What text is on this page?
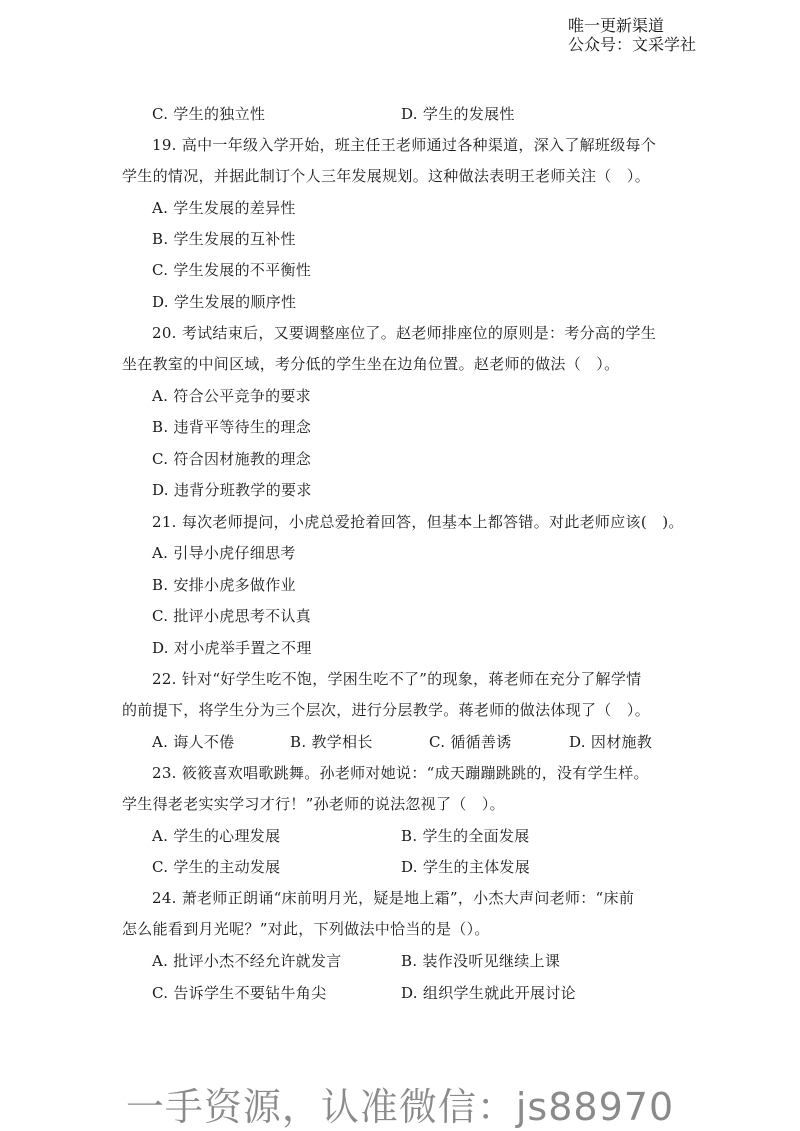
唯一更新渠道
公众号：文采学社
C. 学生的独立性	D. 学生的发展性
19. 高中一年级入学开始，班主任王老师通过各种渠道，深入了解班级每个
学生的情况，并据此制订个人三年发展规划。这种做法表明王老师关注（　）。
A. 学生发展的差异性
B. 学生发展的互补性
C. 学生发展的不平衡性
D. 学生发展的顺序性
20. 考试结束后，又要调整座位了。赵老师排座位的原则是：考分高的学生
坐在教室的中间区域，考分低的学生坐在边角位置。赵老师的做法（　）。
A. 符合公平竞争的要求
B. 违背平等待生的理念
C. 符合因材施教的理念
D. 违背分班教学的要求
21. 每次老师提问，小虎总爱抢着回答，但基本上都答错。对此老师应该(　)。
A. 引导小虎仔细思考
B. 安排小虎多做作业
C. 批评小虎思考不认真
D. 对小虎举手置之不理
22. 针对“好学生吃不饱，学困生吃不了”的现象，蒋老师在充分了解学情
的前提下，将学生分为三个层次，进行分层教学。蒋老师的做法体现了（　）。
A. 诲人不倦	B. 教学相长	C. 循循善诱	D. 因材施教
23. 筱筱喜欢唱歌跳舞。孙老师对她说：“成天蹦蹦跳跳的，没有学生样。
学生得老老实实学习才行！”孙老师的说法忽视了（　）。
A. 学生的心理发展	B. 学生的全面发展
C. 学生的主动发展	D. 学生的主体发展
24. 萧老师正朗诵“床前明月光，疑是地上霜”，小杰大声问老师：“床前
怎么能看到月光呢？”对此，下列做法中恰当的是（）。
A. 批评小杰不经允许就发言	B. 装作没听见继续上课
C. 告诉学生不要钻牛角尖	D. 组织学生就此开展讨论
一手资源，认准微信：js88970
